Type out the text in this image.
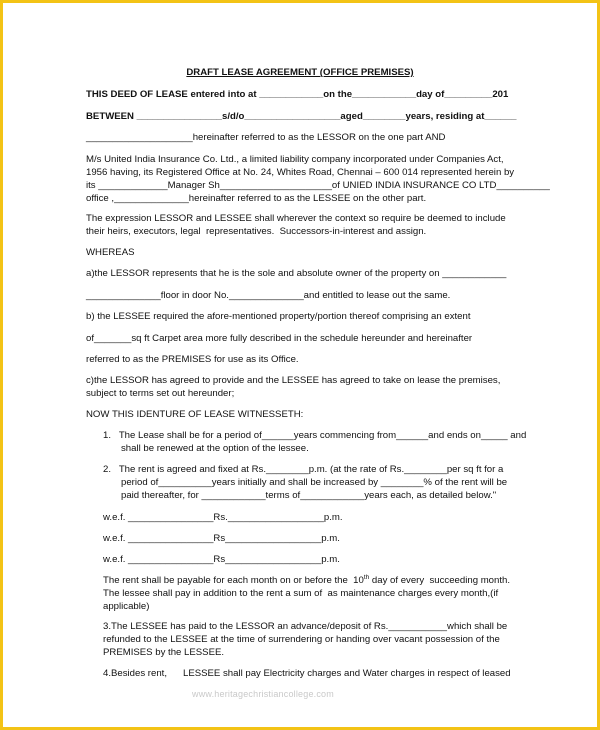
DRAFT LEASE AGREEMENT (OFFICE PREMISES)
THIS DEED OF LEASE entered into at ____________on the____________day of_________201
BETWEEN ________________s/d/o__________________aged________years, residing at______
____________________hereinafter referred to as the LESSOR on the one part AND
M/s United India Insurance Co. Ltd., a limited liability company incorporated under Companies Act,
1956 having, its Registered Office at No. 24, Whites Road, Chennai – 600 014 represented herein by
its _____________Manager Sh_____________________of UNIED INDIA INSURANCE CO LTD__________
office ,______________hereinafter referred to as the LESSEE on the other part.
The expression LESSOR and LESSEE shall wherever the context so require be deemed to include
their heirs, executors, legal  representatives.  Successors-in-interest and assign.
WHEREAS
a)the LESSOR represents that he is the sole and absolute owner of the property on ____________
______________floor in door No.______________and entitled to lease out the same.
b) the LESSEE required the afore-mentioned property/portion thereof comprising an extent
of_______sq ft Carpet area more fully described in the schedule hereunder and hereinafter
referred to as the PREMISES for use as its Office.
c)the LESSOR has agreed to provide and the LESSEE has agreed to take on lease the premises,
subject to terms set out hereunder;
NOW THIS IDENTURE OF LEASE WITNESSETH:
1.   The Lease shall be for a period of______years commencing from______and ends on_____ and
shall be renewed at the option of the lessee.
2.   The rent is agreed and fixed at Rs.________p.m. (at the rate of Rs.________per sq ft for a
period of__________years initially and shall be increased by ________% of the rent will be
paid thereafter, for ____________terms of____________years each, as detailed below."
w.e.f. ________________Rs.__________________p.m.
w.e.f. ________________Rs__________________p.m.
w.e.f. ________________Rs__________________p.m.
The rent shall be payable for each month on or before the  10th day of every  succeeding month.
The lessee shall pay in addition to the rent a sum of  as maintenance charges every month,(if
applicable)
3.The LESSEE has paid to the LESSOR an advance/deposit of Rs.___________which shall be
refunded to the LESSEE at the time of surrendering or handing over vacant possession of the
PREMISES by the LESSEE.
4.Besides rent,      LESSEE shall pay Electricity charges and Water charges in respect of leased
www.heritagechristiancollege.com
